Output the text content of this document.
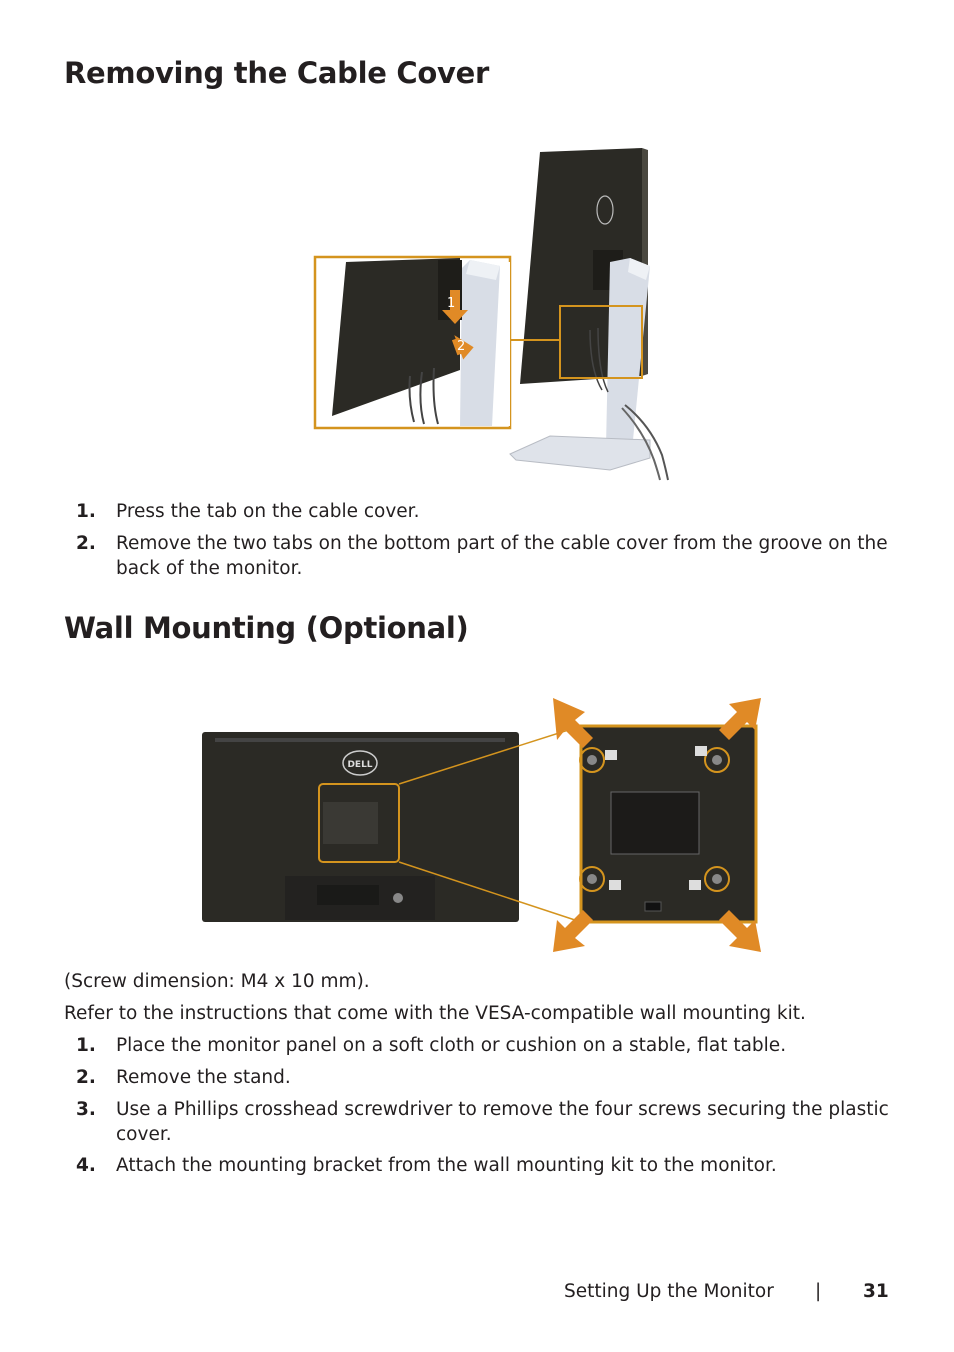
Removing the Cable Cover
1
2
1. Press the tab on the cable cover.
2. Remove the two tabs on the bottom part of the cable cover from the groove on the back of the monitor.
Wall Mounting (Optional)
DELL
(Screw dimension: M4 x 10 mm).
Refer to the instructions that come with the VESA-compatible wall mounting kit.
1. Place the monitor panel on a soft cloth or cushion on a stable, flat table.
2. Remove the stand.
3. Use a Phillips crosshead screwdriver to remove the four screws securing the plastic cover.
4. Attach the mounting bracket from the wall mounting kit to the monitor.
Setting Up the Monitor | 31
